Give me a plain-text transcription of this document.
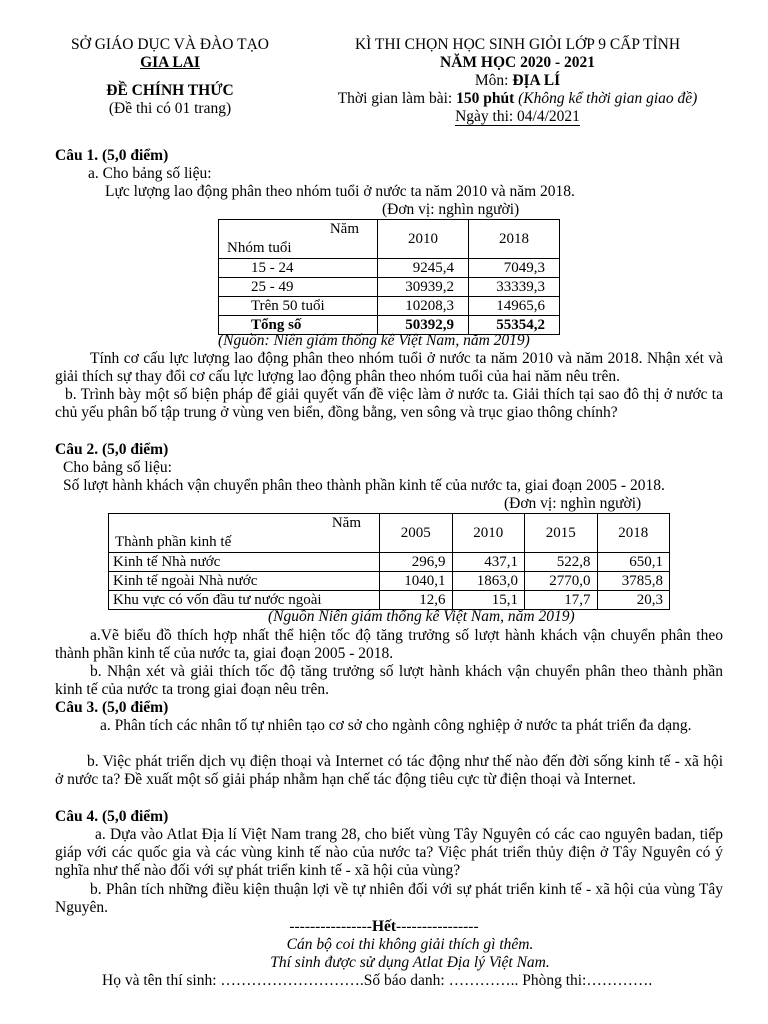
SỞ GIÁO DỤC VÀ ĐÀO TẠO
GIA LAI
ĐỀ CHÍNH THỨC
(Đề thi có 01 trang)
KÌ THI CHỌN HỌC SINH GIỎI LỚP 9 CẤP TỈNH
NĂM HỌC 2020 - 2021
Môn: ĐỊA LÍ
Thời gian làm bài: 150 phút (Không kể thời gian giao đề)
Ngày thi: 04/4/2021
Câu 1. (5,0 điểm)
a. Cho bảng số liệu:
Lực lượng lao động phân theo nhóm tuổi ở nước ta năm 2010 và năm 2018.
(Đơn vị: nghìn người)
Năm
Nhóm tuổi	2010	2018
15 - 24	9245,4	7049,3
25 - 49	30939,2	33339,3
Trên 50 tuổi	10208,3	14965,6
Tổng số	50392,9	55354,2
(Nguồn: Niên giám thống kê Việt Nam, năm 2019)
Tính cơ cấu lực lượng lao động phân theo nhóm tuổi ở nước ta năm 2010 và năm 2018. Nhận xét và giải thích sự thay đổi cơ cấu lực lượng lao động phân theo nhóm tuổi của hai năm nêu trên.
b. Trình bày một số biện pháp để giải quyết vấn đề việc làm ở nước ta. Giải thích tại sao đô thị ở nước ta chủ yếu phân bố tập trung ở vùng ven biển, đồng bằng, ven sông và trục giao thông chính?
Câu 2. (5,0 điểm)
Cho bảng số liệu:
Số lượt hành khách vận chuyển phân theo thành phần kinh tế của nước ta, giai đoạn 2005 - 2018.
(Đơn vị: nghìn người)
Năm
Thành phần kinh tế	2005	2010	2015	2018
Kinh tế Nhà nước	296,9	437,1	522,8	650,1
Kinh tế ngoài Nhà nước	1040,1	1863,0	2770,0	3785,8
Khu vực có vốn đầu tư nước ngoài	12,6	15,1	17,7	20,3
(Nguồn Niên giám thống kê Việt Nam, năm 2019)
a.Vẽ biểu đồ thích hợp nhất thể hiện tốc độ tăng trưởng số lượt hành khách vận chuyển phân theo thành phần kinh tế của nước ta, giai đoạn 2005 - 2018.
b. Nhận xét và giải thích tốc độ tăng trưởng số lượt hành khách vận chuyển phân theo thành phần kinh tế của nước ta trong giai đoạn nêu trên.
Câu 3. (5,0 điểm)
a. Phân tích các nhân tố tự nhiên tạo cơ sở cho ngành công nghiệp ở nước ta phát triển đa dạng.
b. Việc phát triển dịch vụ điện thoại và Internet có tác động như thế nào đến đời sống kinh tế - xã hội ở nước ta? Đề xuất một số giải pháp nhằm hạn chế tác động tiêu cực từ điện thoại và Internet.
Câu 4. (5,0 điểm)
a. Dựa vào Atlat Địa lí Việt Nam trang 28, cho biết vùng Tây Nguyên có các cao nguyên badan, tiếp giáp với các quốc gia và các vùng kinh tế nào của nước ta? Việc phát triển thủy điện ở Tây Nguyên có ý nghĩa như thế nào đối với sự phát triển kinh tế - xã hội của vùng?
b. Phân tích những điều kiện thuận lợi về tự nhiên đối với sự phát triển kinh tế - xã hội của vùng Tây Nguyên.
----------------Hết----------------
Cán bộ coi thi không giải thích gì thêm.
Thí sinh được sử dụng Atlat Địa lý Việt Nam.
Họ và tên thí sinh: ……………………….Số báo danh: ………….. Phòng thi:………….
